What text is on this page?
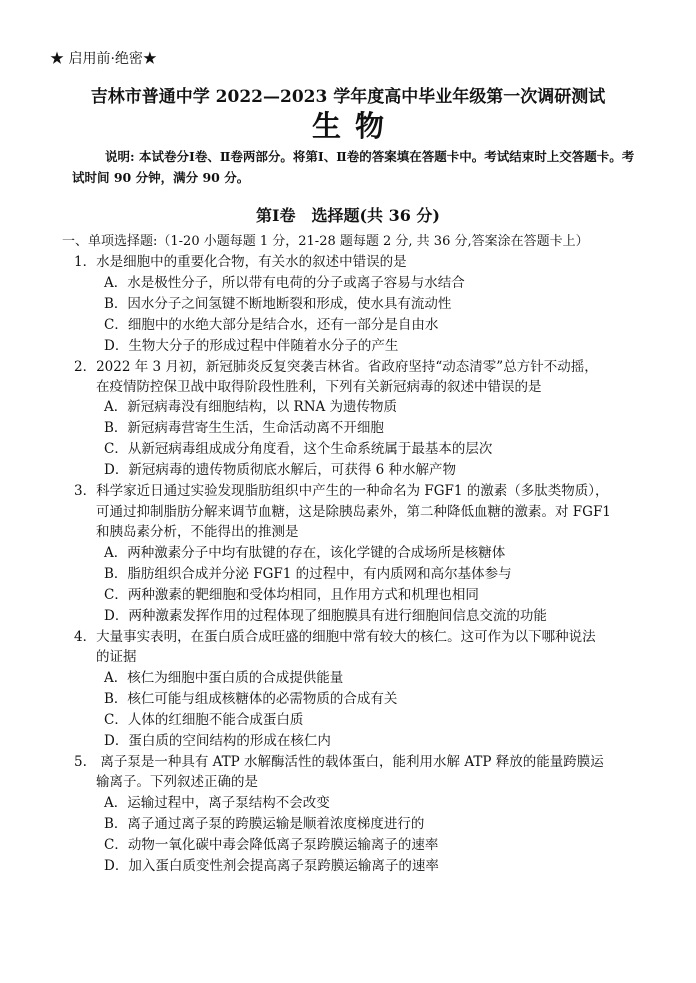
★ 启用前·绝密★
吉林市普通中学 2022—2023 学年度高中毕业年级第一次调研测试
生物
说明: 本试卷分Ⅰ卷、Ⅱ卷两部分。将第Ⅰ、Ⅱ卷的答案填在答题卡中。考试结束时上交答题卡。考试时间 90 分钟，满分 90 分。
第Ⅰ卷　选择题(共 36 分)
一、单项选择题:（1-20 小题每题 1 分，21-28 题每题 2 分, 共 36 分,答案涂在答题卡上）
1．水是细胞中的重要化合物，有关水的叙述中错误的是
A．水是极性分子，所以带有电荷的分子或离子容易与水结合
B．因水分子之间氢键不断地断裂和形成，使水具有流动性
C．细胞中的水绝大部分是结合水，还有一部分是自由水
D．生物大分子的形成过程中伴随着水分子的产生
2．2022 年 3 月初，新冠肺炎反复突袭吉林省。省政府坚持“动态清零”总方针不动摇，
在疫情防控保卫战中取得阶段性胜利，下列有关新冠病毒的叙述中错误的是
A．新冠病毒没有细胞结构，以 RNA 为遗传物质
B．新冠病毒营寄生生活，生命活动离不开细胞
C．从新冠病毒组成成分角度看，这个生命系统属于最基本的层次
D．新冠病毒的遗传物质彻底水解后，可获得 6 种水解产物
3．科学家近日通过实验发现脂肪组织中产生的一种命名为 FGF1 的激素（多肽类物质），
可通过抑制脂肪分解来调节血糖，这是除胰岛素外，第二种降低血糖的激素。对 FGF1
和胰岛素分析，不能得出的推测是
A．两种激素分子中均有肽键的存在，该化学键的合成场所是核糖体
B．脂肪组织合成并分泌 FGF1 的过程中，有内质网和高尔基体参与
C．两种激素的靶细胞和受体均相同，且作用方式和机理也相同
D．两种激素发挥作用的过程体现了细胞膜具有进行细胞间信息交流的功能
4．大量事实表明，在蛋白质合成旺盛的细胞中常有较大的核仁。这可作为以下哪种说法
的证据
A．核仁为细胞中蛋白质的合成提供能量
B．核仁可能与组成核糖体的必需物质的合成有关
C．人体的红细胞不能合成蛋白质
D．蛋白质的空间结构的形成在核仁内
5.　离子泵是一种具有 ATP 水解酶活性的载体蛋白，能利用水解 ATP 释放的能量跨膜运
输离子。下列叙述正确的是
A．运输过程中，离子泵结构不会改变
B．离子通过离子泵的跨膜运输是顺着浓度梯度进行的
C．动物一氧化碳中毒会降低离子泵跨膜运输离子的速率
D．加入蛋白质变性剂会提高离子泵跨膜运输离子的速率
